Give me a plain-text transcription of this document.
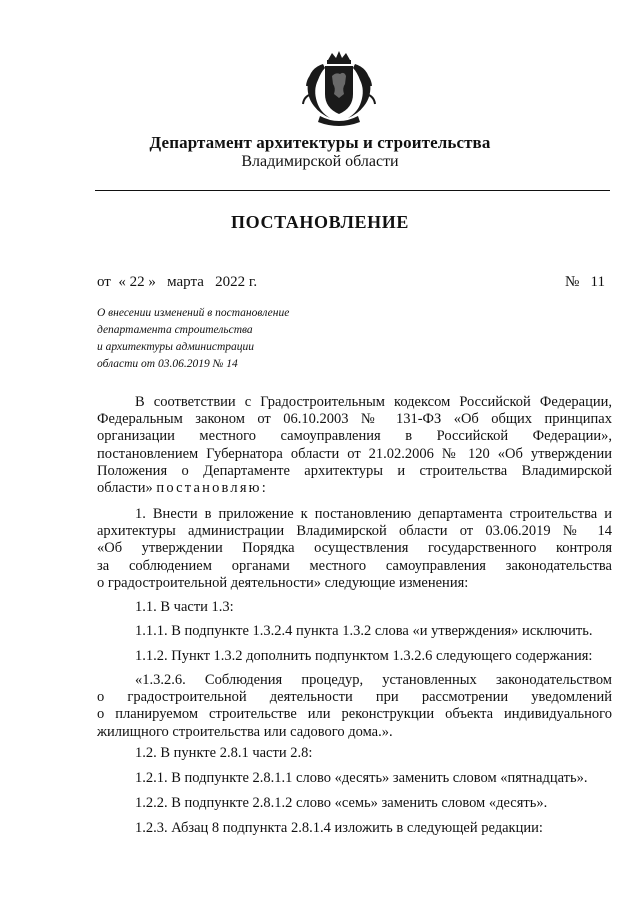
Департамент архитектуры и строительства
Владимирской области
ПОСТАНОВЛЕНИЕ
от  « 22 »   марта   2022 г.	№   11
О внесении изменений в постановление
департамента строительства
и архитектуры администрации
области от 03.06.2019 № 14
В соответствии с Градостроительным кодексом Российской Федерации,
Федеральным законом от 06.10.2003 № 131-ФЗ «Об общих принципах
организации местного самоуправления в Российской Федерации»,
постановлением Губернатора области от 21.02.2006 № 120 «Об утверждении
Положения о Департаменте архитектуры и строительства Владимирской
области» постановляю:
1. Внести в приложение к постановлению департамента строительства и
архитектуры администрации Владимирской области от 03.06.2019 № 14
«Об утверждении Порядка осуществления государственного контроля
за соблюдением органами местного самоуправления законодательства
о градостроительной деятельности» следующие изменения:
1.1. В части 1.3:
1.1.1. В подпункте 1.3.2.4 пункта 1.3.2 слова «и утверждения» исключить.
1.1.2. Пункт 1.3.2 дополнить подпунктом 1.3.2.6 следующего содержания:
«1.3.2.6. Соблюдения процедур, установленных законодательством
о градостроительной деятельности при рассмотрении уведомлений
о планируемом строительстве или реконструкции объекта индивидуального
жилищного строительства или садового дома.».
1.2. В пункте 2.8.1 части 2.8:
1.2.1. В подпункте 2.8.1.1 слово «десять» заменить словом «пятнадцать».
1.2.2. В подпункте 2.8.1.2 слово «семь» заменить словом «десять».
1.2.3. Абзац 8 подпункта 2.8.1.4 изложить в следующей редакции:
